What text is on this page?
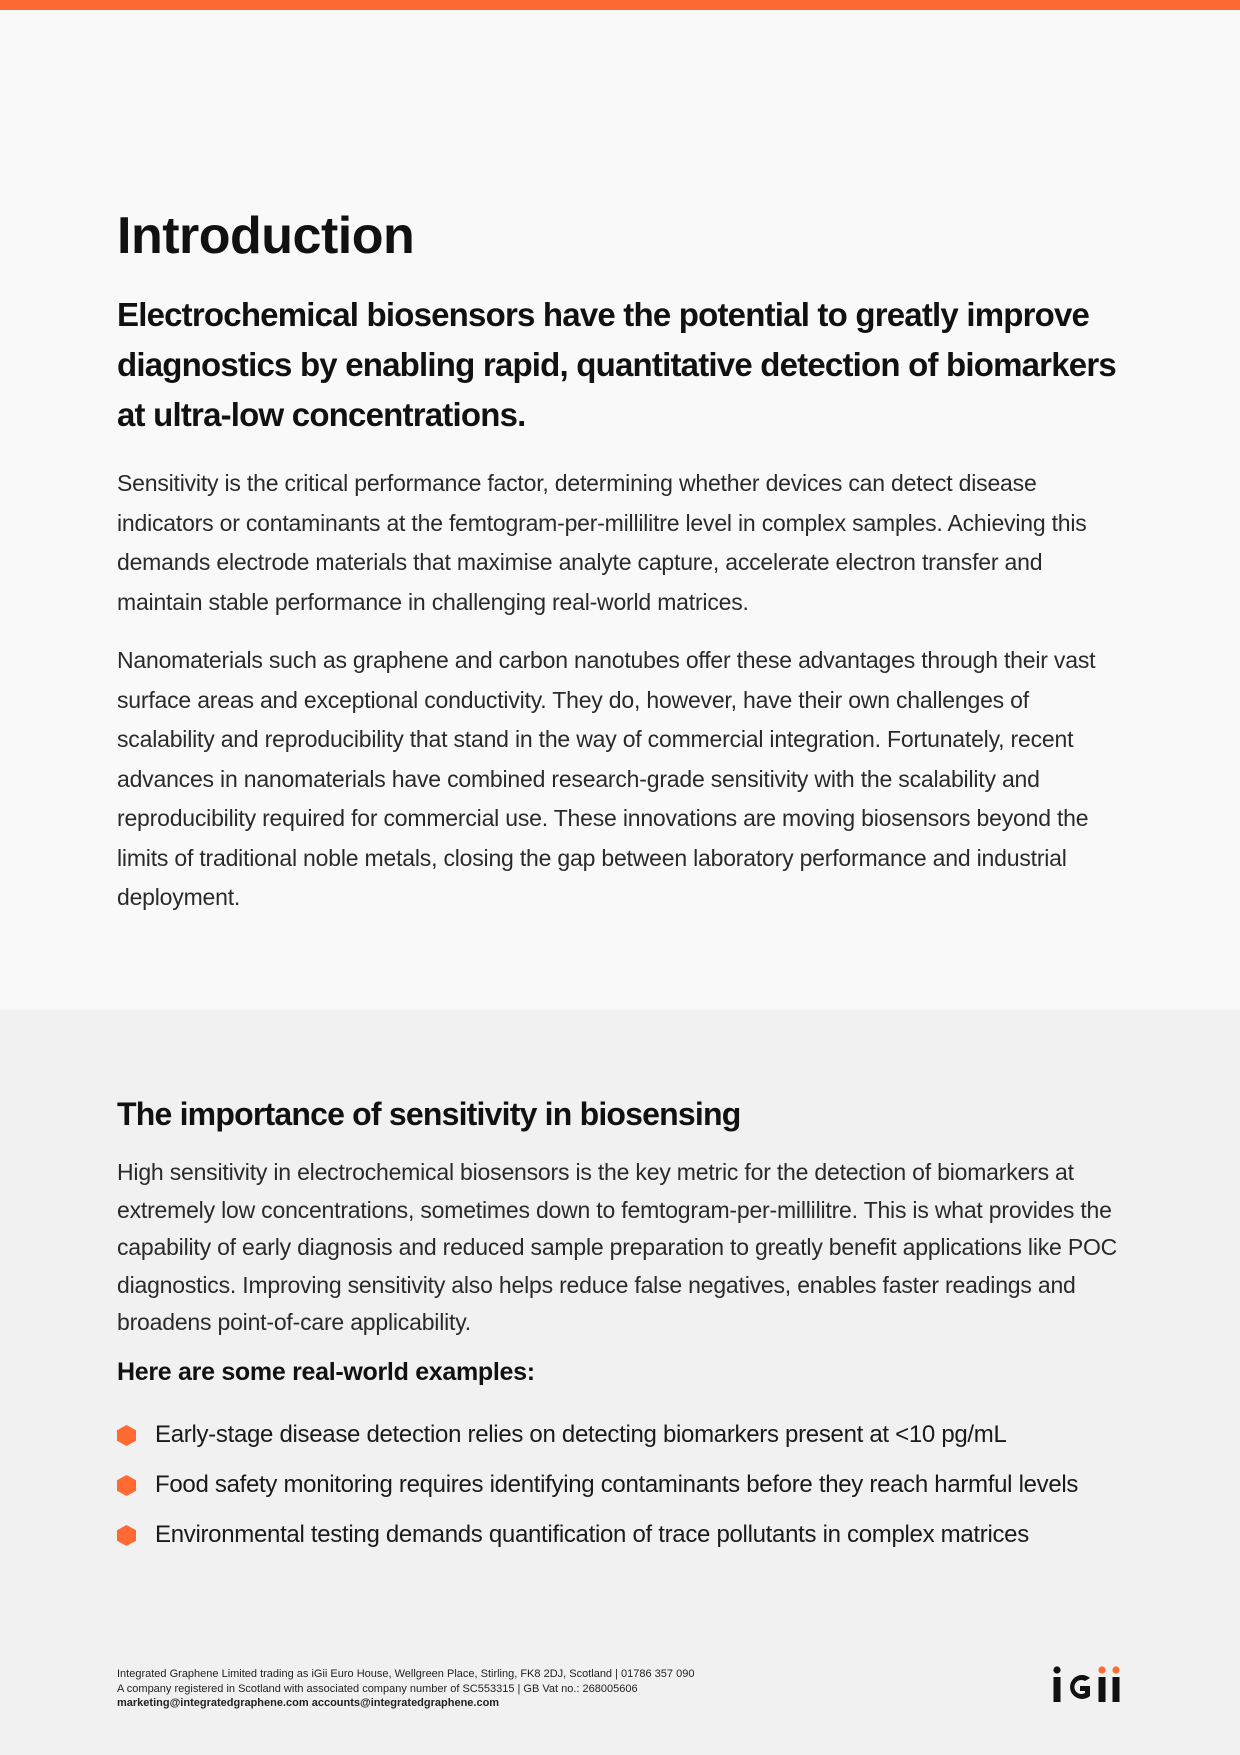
Introduction

Electrochemical biosensors have the potential to greatly improve diagnostics by enabling rapid, quantitative detection of biomarkers at ultra-low concentrations.

Sensitivity is the critical performance factor, determining whether devices can detect disease indicators or contaminants at the femtogram-per-millilitre level in complex samples. Achieving this demands electrode materials that maximise analyte capture, accelerate electron transfer and maintain stable performance in challenging real-world matrices.

Nanomaterials such as graphene and carbon nanotubes offer these advantages through their vast surface areas and exceptional conductivity. They do, however, have their own challenges of scalability and reproducibility that stand in the way of commercial integration. Fortunately, recent advances in nanomaterials have combined research-grade sensitivity with the scalability and reproducibility required for commercial use. These innovations are moving biosensors beyond the limits of traditional noble metals, closing the gap between laboratory performance and industrial deployment.

The importance of sensitivity in biosensing

High sensitivity in electrochemical biosensors is the key metric for the detection of biomarkers at extremely low concentrations, sometimes down to femtogram-per-millilitre. This is what provides the capability of early diagnosis and reduced sample preparation to greatly benefit applications like POC diagnostics. Improving sensitivity also helps reduce false negatives, enables faster readings and broadens point-of-care applicability.

Here are some real-world examples:
Early-stage disease detection relies on detecting biomarkers present at <10 pg/mL
Food safety monitoring requires identifying contaminants before they reach harmful levels
Environmental testing demands quantification of trace pollutants in complex matrices
Integrated Graphene Limited trading as iGii Euro House, Wellgreen Place, Stirling, FK8 2DJ, Scotland | 01786 357 090
A company registered in Scotland with associated company number of SC553315 | GB Vat no.: 268005606
marketing@integratedgraphene.com accounts@integratedgraphene.com
